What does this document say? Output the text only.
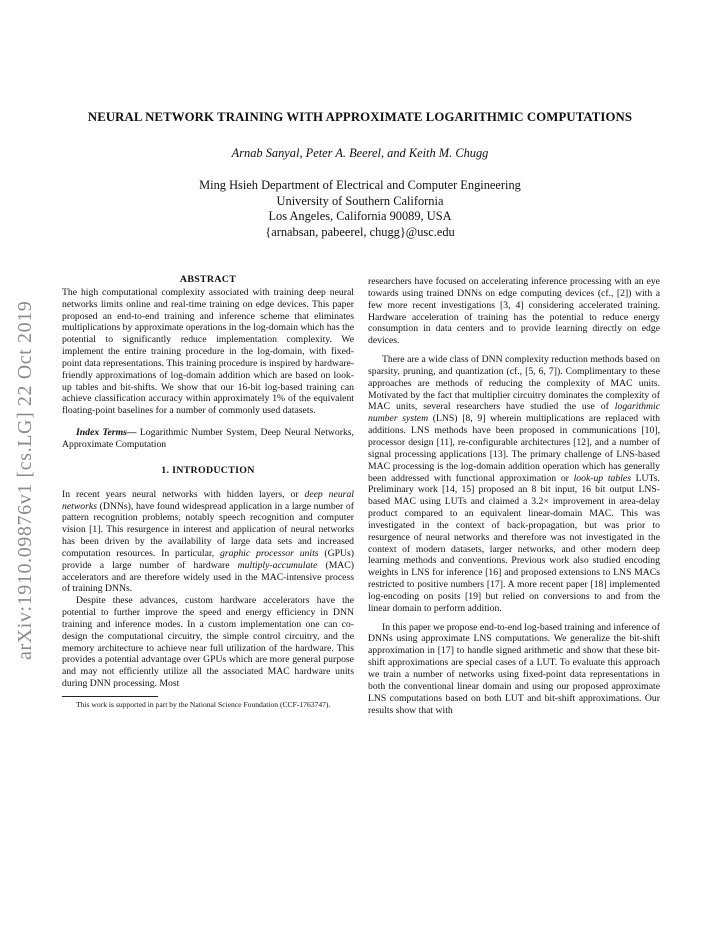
arXiv:1910.09876v1 [cs.LG] 22 Oct 2019
NEURAL NETWORK TRAINING WITH APPROXIMATE LOGARITHMIC COMPUTATIONS
Arnab Sanyal, Peter A. Beerel, and Keith M. Chugg
Ming Hsieh Department of Electrical and Computer Engineering
University of Southern California
Los Angeles, California 90089, USA
{arnabsan, pabeerel, chugg}@usc.edu
ABSTRACT

The high computational complexity associated with training deep neural networks limits online and real-time training on edge devices. This paper proposed an end-to-end training and inference scheme that eliminates multiplications by approximate operations in the log-domain which has the potential to significantly reduce implementation complexity. We implement the entire training procedure in the log-domain, with fixed-point data representations. This training procedure is inspired by hardware-friendly approximations of log-domain addition which are based on look-up tables and bit-shifts. We show that our 16-bit log-based training can achieve classification accuracy within approximately 1% of the equivalent floating-point baselines for a number of commonly used datasets.

Index Terms— Logarithmic Number System, Deep Neural Networks, Approximate Computation

1. INTRODUCTION

In recent years neural networks with hidden layers, or deep neural networks (DNNs), have found widespread application in a large number of pattern recognition problems, notably speech recognition and computer vision [1]. This resurgence in interest and application of neural networks has been driven by the availability of large data sets and increased computation resources. In particular, graphic processor units (GPUs) provide a large number of hardware multiply-accumulate (MAC) accelerators and are therefore widely used in the MAC-intensive process of training DNNs.

Despite these advances, custom hardware accelerators have the potential to further improve the speed and energy efficiency in DNN training and inference modes. In a custom implementation one can co-design the computational circuitry, the simple control circuitry, and the memory architecture to achieve near full utilization of the hardware. This provides a potential advantage over GPUs which are more general purpose and may not efficiently utilize all the associated MAC hardware units during DNN processing. Most

This work is supported in part by the National Science Foundation (CCF-1763747).

researchers have focused on accelerating inference processing with an eye towards using trained DNNs on edge computing devices (cf., [2]) with a few more recent investigations [3, 4] considering accelerated training. Hardware acceleration of training has the potential to reduce energy consumption in data centers and to provide learning directly on edge devices.

There are a wide class of DNN complexity reduction methods based on sparsity, pruning, and quantization (cf., [5, 6, 7]). Complimentary to these approaches are methods of reducing the complexity of MAC units. Motivated by the fact that multiplier circuitry dominates the complexity of MAC units, several researchers have studied the use of logarithmic number system (LNS) [8, 9] wherein multiplications are replaced with additions. LNS methods have been proposed in communications [10], processor design [11], re-configurable architectures [12], and a number of signal processing applications [13]. The primary challenge of LNS-based MAC processing is the log-domain addition operation which has generally been addressed with functional approximation or look-up tables LUTs. Preliminary work [14, 15] proposed an 8 bit input, 16 bit output LNS-based MAC using LUTs and claimed a 3.2× improvement in area-delay product compared to an equivalent linear-domain MAC. This was investigated in the context of back-propagation, but was prior to resurgence of neural networks and therefore was not investigated in the context of modern datasets, larger networks, and other modern deep learning methods and conventions. Previous work also studied encoding weights in LNS for inference [16] and proposed extensions to LNS MACs restricted to positive numbers [17]. A more recent paper [18] implemented log-encoding on posits [19] but relied on conversions to and from the linear domain to perform addition.

In this paper we propose end-to-end log-based training and inference of DNNs using approximate LNS computations. We generalize the bit-shift approximation in [17] to handle signed arithmetic and show that these bit-shift approximations are special cases of a LUT. To evaluate this approach we train a number of networks using fixed-point data representations in both the conventional linear domain and using our proposed approximate LNS computations based on both LUT and bit-shift approximations. Our results show that with
